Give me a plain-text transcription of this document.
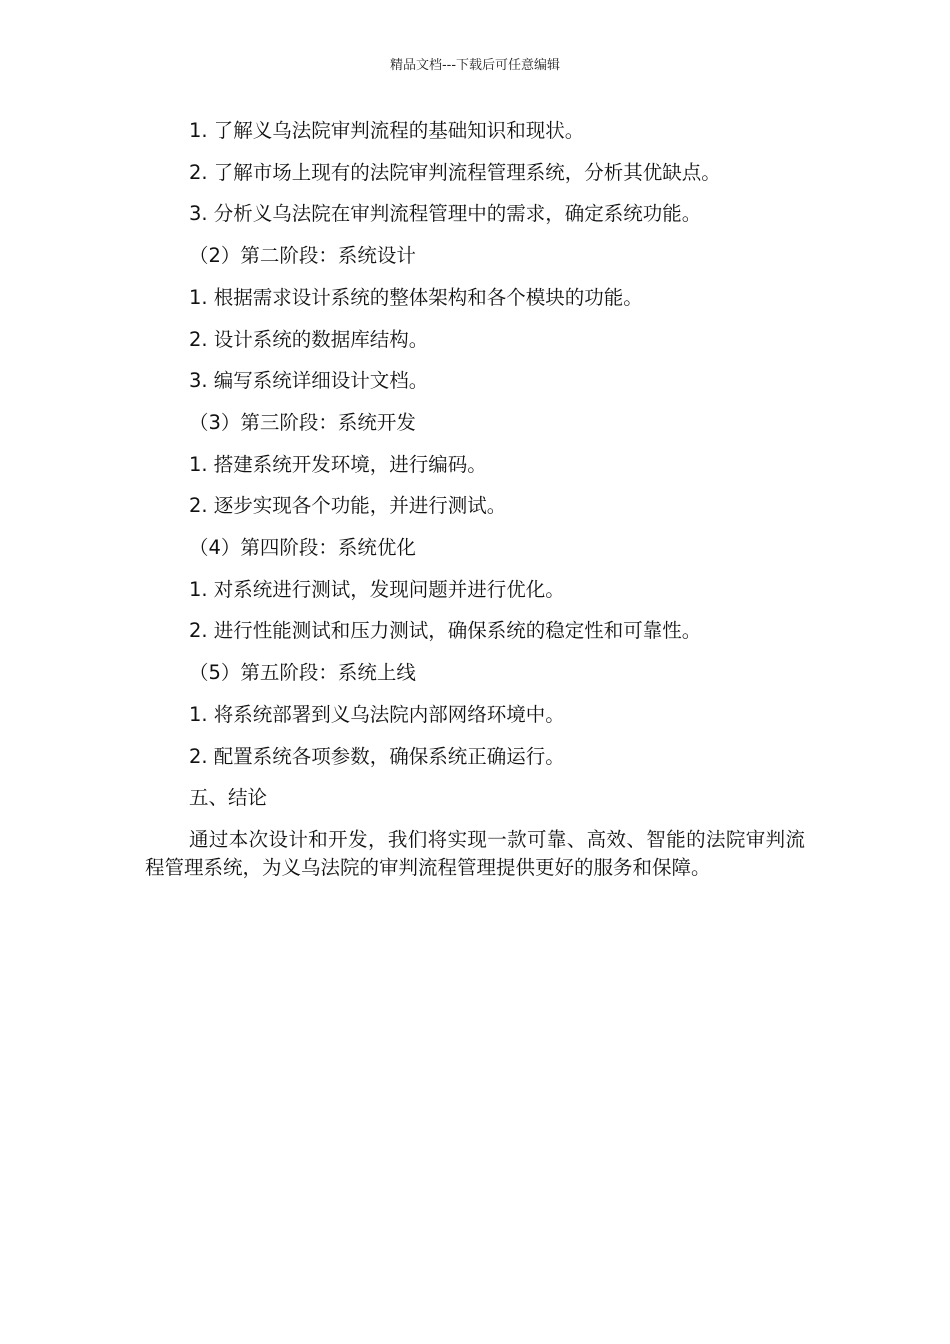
精品文档---下载后可任意编辑
1. 了解义乌法院审判流程的基础知识和现状。
2. 了解市场上现有的法院审判流程管理系统，分析其优缺点。
3. 分析义乌法院在审判流程管理中的需求，确定系统功能。
（2）第二阶段：系统设计
1. 根据需求设计系统的整体架构和各个模块的功能。
2. 设计系统的数据库结构。
3. 编写系统详细设计文档。
（3）第三阶段：系统开发
1. 搭建系统开发环境，进行编码。
2. 逐步实现各个功能，并进行测试。
（4）第四阶段：系统优化
1. 对系统进行测试，发现问题并进行优化。
2. 进行性能测试和压力测试，确保系统的稳定性和可靠性。
（5）第五阶段：系统上线
1. 将系统部署到义乌法院内部网络环境中。
2. 配置系统各项参数，确保系统正确运行。
五、结论
通过本次设计和开发，我们将实现一款可靠、高效、智能的法院审判流程管理系统，为义乌法院的审判流程管理提供更好的服务和保障。
